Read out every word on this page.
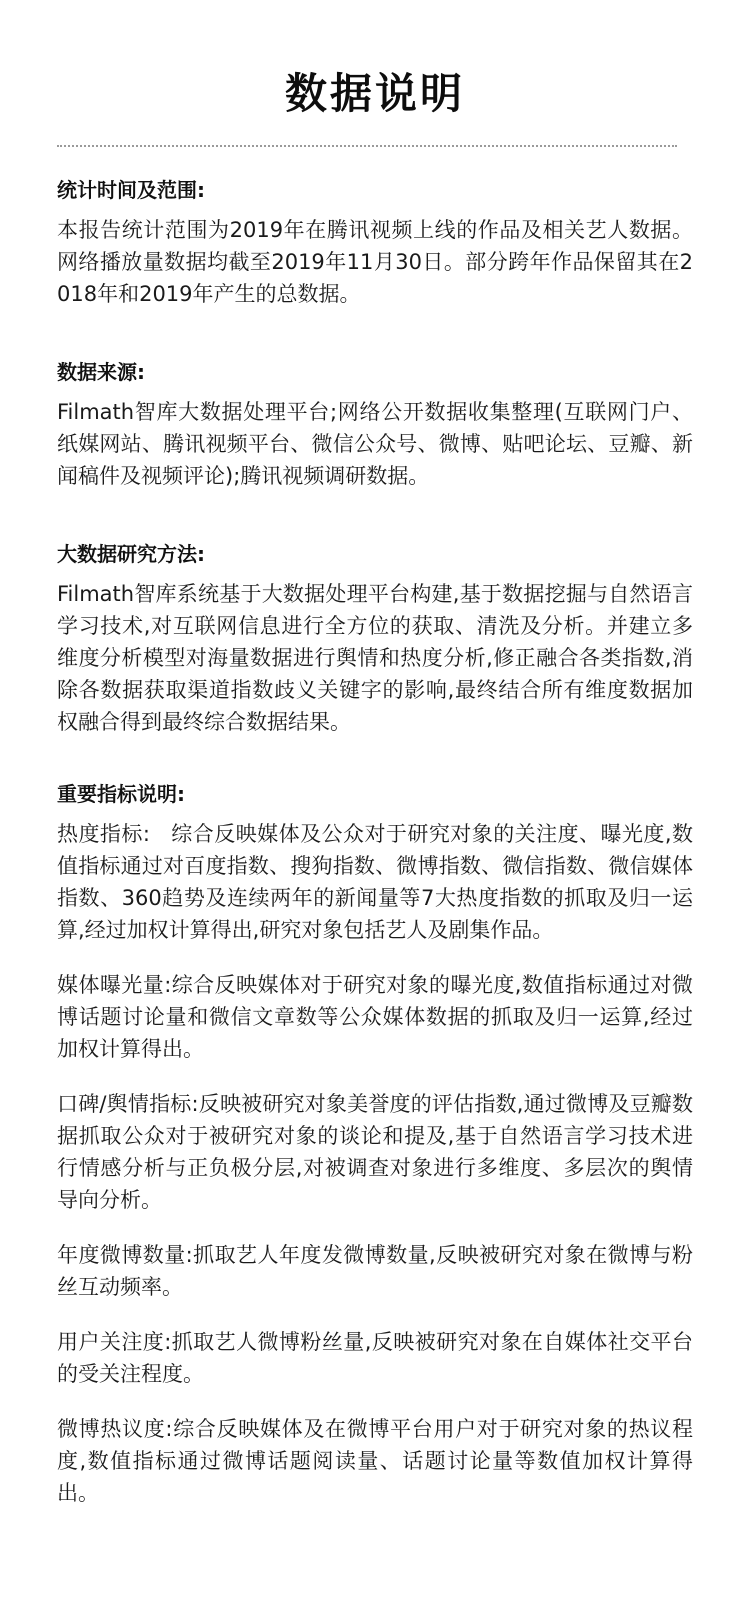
数据说明
统计时间及范围:

本报告统计范围为2019年在腾讯视频上线的作品及相关艺人数据。网络播放量数据均截至2019年11月30日。部分跨年作品保留其在2018年和2019年产生的总数据。

数据来源:

Filmath智库大数据处理平台;网络公开数据收集整理(互联网门户、纸媒网站、腾讯视频平台、微信公众号、微博、贴吧论坛、豆瓣、新闻稿件及视频评论);腾讯视频调研数据。

大数据研究方法:

Filmath智库系统基于大数据处理平台构建,基于数据挖掘与自然语言学习技术,对互联网信息进行全方位的获取、清洗及分析。并建立多维度分析模型对海量数据进行舆情和热度分析,修正融合各类指数,消除各数据获取渠道指数歧义关键字的影响,最终结合所有维度数据加权融合得到最终综合数据结果。

重要指标说明:

热度指标:   综合反映媒体及公众对于研究对象的关注度、曝光度,数值指标通过对百度指数、搜狗指数、微博指数、微信指数、微信媒体指数、360趋势及连续两年的新闻量等7大热度指数的抓取及归一运算,经过加权计算得出,研究对象包括艺人及剧集作品。

媒体曝光量:综合反映媒体对于研究对象的曝光度,数值指标通过对微博话题讨论量和微信文章数等公众媒体数据的抓取及归一运算,经过加权计算得出。

口碑/舆情指标:反映被研究对象美誉度的评估指数,通过微博及豆瓣数据抓取公众对于被研究对象的谈论和提及,基于自然语言学习技术进行情感分析与正负极分层,对被调查对象进行多维度、多层次的舆情导向分析。

年度微博数量:抓取艺人年度发微博数量,反映被研究对象在微博与粉丝互动频率。

用户关注度:抓取艺人微博粉丝量,反映被研究对象在自媒体社交平台的受关注程度。

微博热议度:综合反映媒体及在微博平台用户对于研究对象的热议程度,数值指标通过微博话题阅读量、话题讨论量等数值加权计算得出。
